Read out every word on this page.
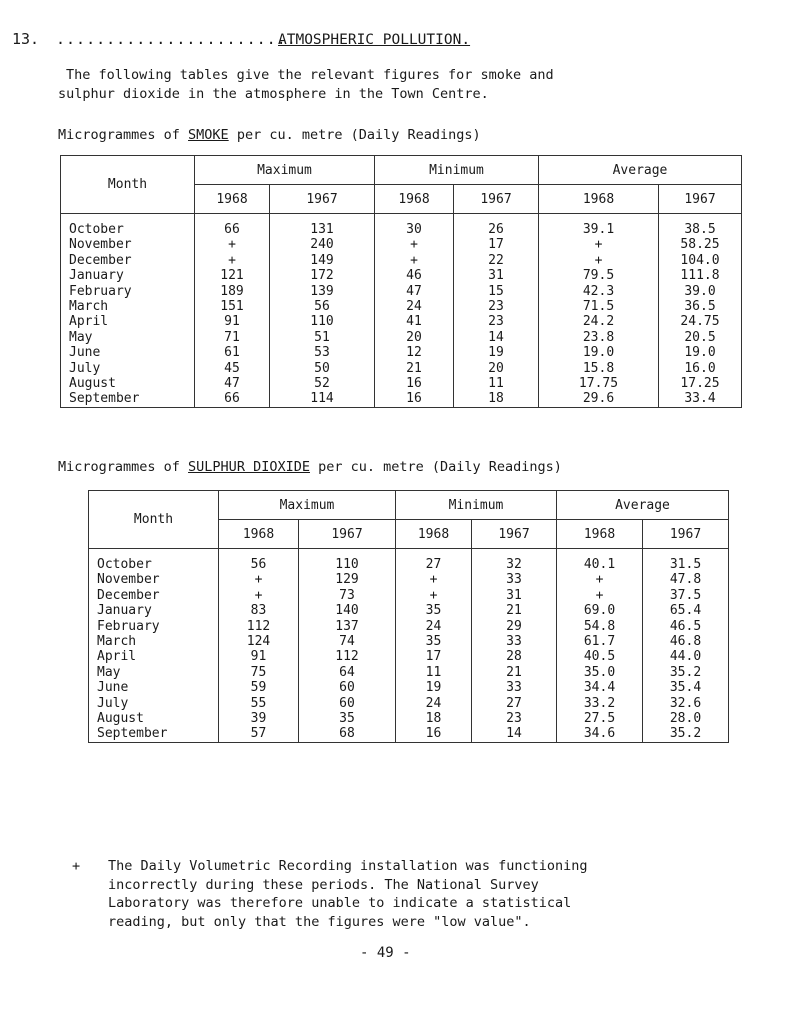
13. ........................
ATMOSPHERIC POLLUTION.
The following tables give the relevant figures for smoke and
sulphur dioxide in the atmosphere in the Town Centre.
Microgrammes of SMOKE per cu. metre (Daily Readings)
Month	Maximum		Minimum		Average	
	1968	1967	1968	1967	1968	1967
October	66	131	30	26	39.1	38.5
November	+	240	+	17	+	58.25
December	+	149	+	22	+	104.0
January	121	172	46	31	79.5	111.8
February	189	139	47	15	42.3	39.0
March	151	56	24	23	71.5	36.5
April	91	110	41	23	24.2	24.75
May	71	51	20	14	23.8	20.5
June	61	53	12	19	19.0	19.0
July	45	50	21	20	15.8	16.0
August	47	52	16	11	17.75	17.25
September	66	114	16	18	29.6	33.4
Microgrammes of SULPHUR DIOXIDE per cu. metre (Daily Readings)
Month	Maximum		Minimum		Average	
	1968	1967	1968	1967	1968	1967
October	56	110	27	32	40.1	31.5
November	+	129	+	33	+	47.8
December	+	73	+	31	+	37.5
January	83	140	35	21	69.0	65.4
February	112	137	24	29	54.8	46.5
March	124	74	35	33	61.7	46.8
April	91	112	17	28	40.5	44.0
May	75	64	11	21	35.0	35.2
June	59	60	19	33	34.4	35.4
July	55	60	24	27	33.2	32.6
August	39	35	18	23	27.5	28.0
September	57	68	16	14	34.6	35.2
+ The Daily Volumetric Recording installation was functioning
incorrectly during these periods. The National Survey
Laboratory was therefore unable to indicate a statistical
reading, but only that the figures were "low value".
- 49 -
